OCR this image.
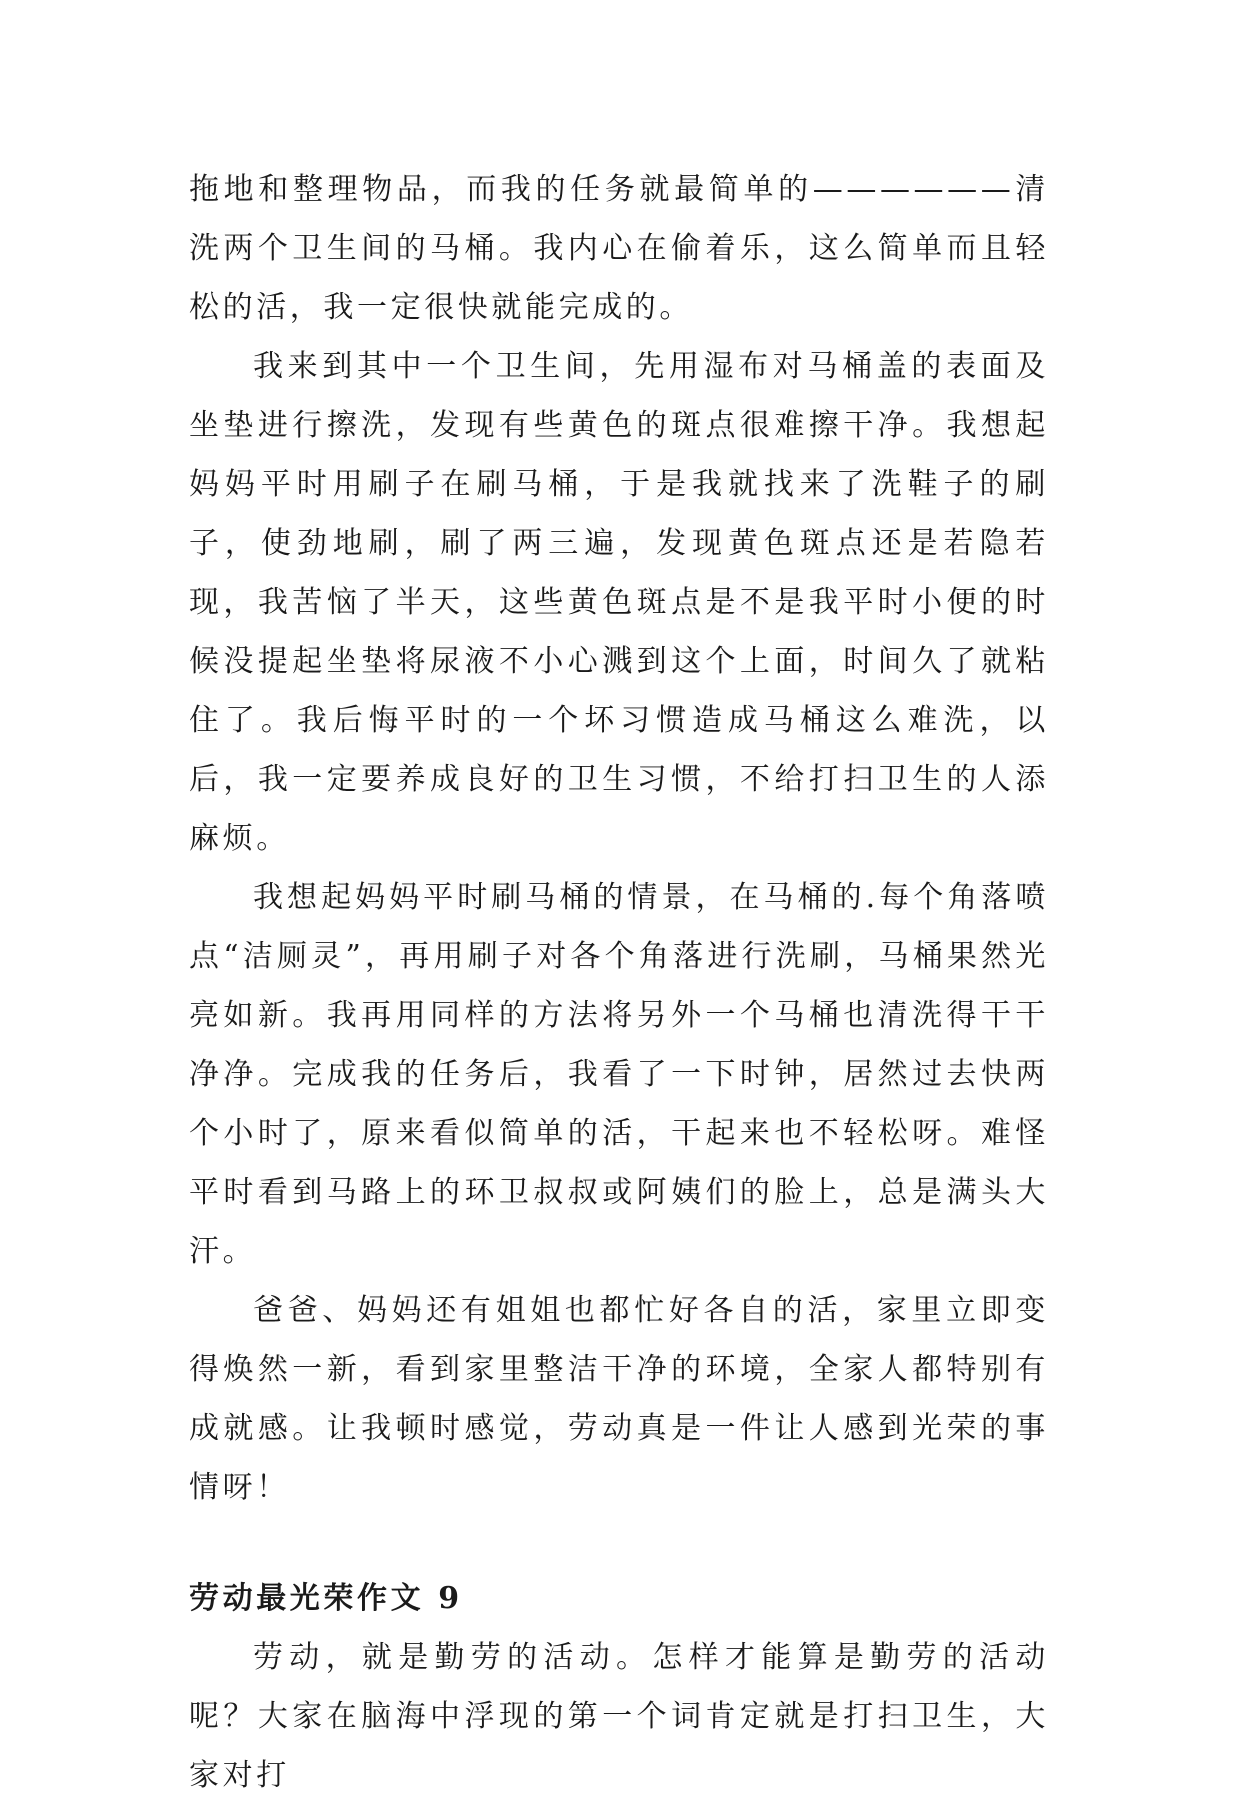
拖地和整理物品，而我的任务就最简单的——————清洗两个卫生间的马桶。我内心在偷着乐，这么简单而且轻松的活，我一定很快就能完成的。

我来到其中一个卫生间，先用湿布对马桶盖的表面及坐垫进行擦洗，发现有些黄色的斑点很难擦干净。我想起妈妈平时用刷子在刷马桶，于是我就找来了洗鞋子的刷子，使劲地刷，刷了两三遍，发现黄色斑点还是若隐若现，我苦恼了半天，这些黄色斑点是不是我平时小便的时候没提起坐垫将尿液不小心溅到这个上面，时间久了就粘住了。我后悔平时的一个坏习惯造成马桶这么难洗，以后，我一定要养成良好的卫生习惯，不给打扫卫生的人添麻烦。

我想起妈妈平时刷马桶的情景，在马桶的.每个角落喷点“洁厕灵”，再用刷子对各个角落进行洗刷，马桶果然光亮如新。我再用同样的方法将另外一个马桶也清洗得干干净净。完成我的任务后，我看了一下时钟，居然过去快两个小时了，原来看似简单的活，干起来也不轻松呀。难怪平时看到马路上的环卫叔叔或阿姨们的脸上，总是满头大汗。

爸爸、妈妈还有姐姐也都忙好各自的活，家里立即变得焕然一新，看到家里整洁干净的环境，全家人都特别有成就感。让我顿时感觉，劳动真是一件让人感到光荣的事情呀！

劳动最光荣作文 9

劳动，就是勤劳的活动。怎样才能算是勤劳的活动呢？大家在脑海中浮现的第一个词肯定就是打扫卫生，大家对打
